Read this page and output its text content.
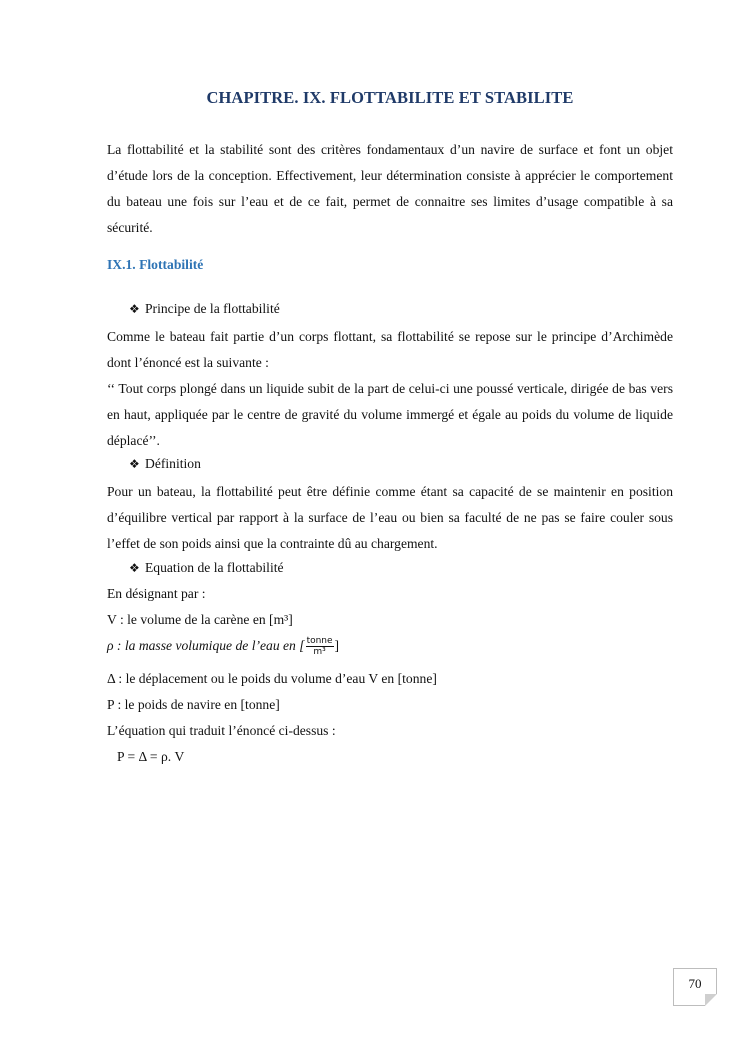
CHAPITRE. IX. FLOTTABILITE ET STABILITE
La flottabilité et la stabilité sont des critères fondamentaux d’un navire de surface et font un objet d’étude lors de la conception. Effectivement, leur détermination consiste à apprécier le comportement du bateau une fois sur l’eau et de ce fait, permet de connaitre ses limites d’usage compatible à sa sécurité.
IX.1. Flottabilité
❖ Principe de la flottabilité
Comme le bateau fait partie d’un corps flottant, sa flottabilité se repose sur le principe d’Archimède dont l’énoncé est la suivante :
‘‘ Tout corps plongé dans un liquide subit de la part de celui-ci une poussé verticale, dirigée de bas vers en haut, appliquée par le centre de gravité du volume immergé et égale au poids du volume de liquide déplacé’’.
❖ Définition
Pour un bateau, la flottabilité peut être définie comme étant sa capacité de se maintenir en position d’équilibre vertical par rapport à la surface de l’eau ou bien sa faculté de ne pas se faire couler sous l’effet de son poids ainsi que la contrainte dû au chargement.
❖ Equation de la flottabilité
En désignant par :
V : le volume de la carène en [m³]
ρ : la masse volumique de l’eau en [ $\frac{\text{tonne}}{\text{m³}}$ ]
Δ : le déplacement ou le poids du volume d’eau V en [tonne]
P : le poids de navire en [tonne]
L’équation qui traduit l’énoncé ci-dessus :
P = Δ = ρ. V
70
